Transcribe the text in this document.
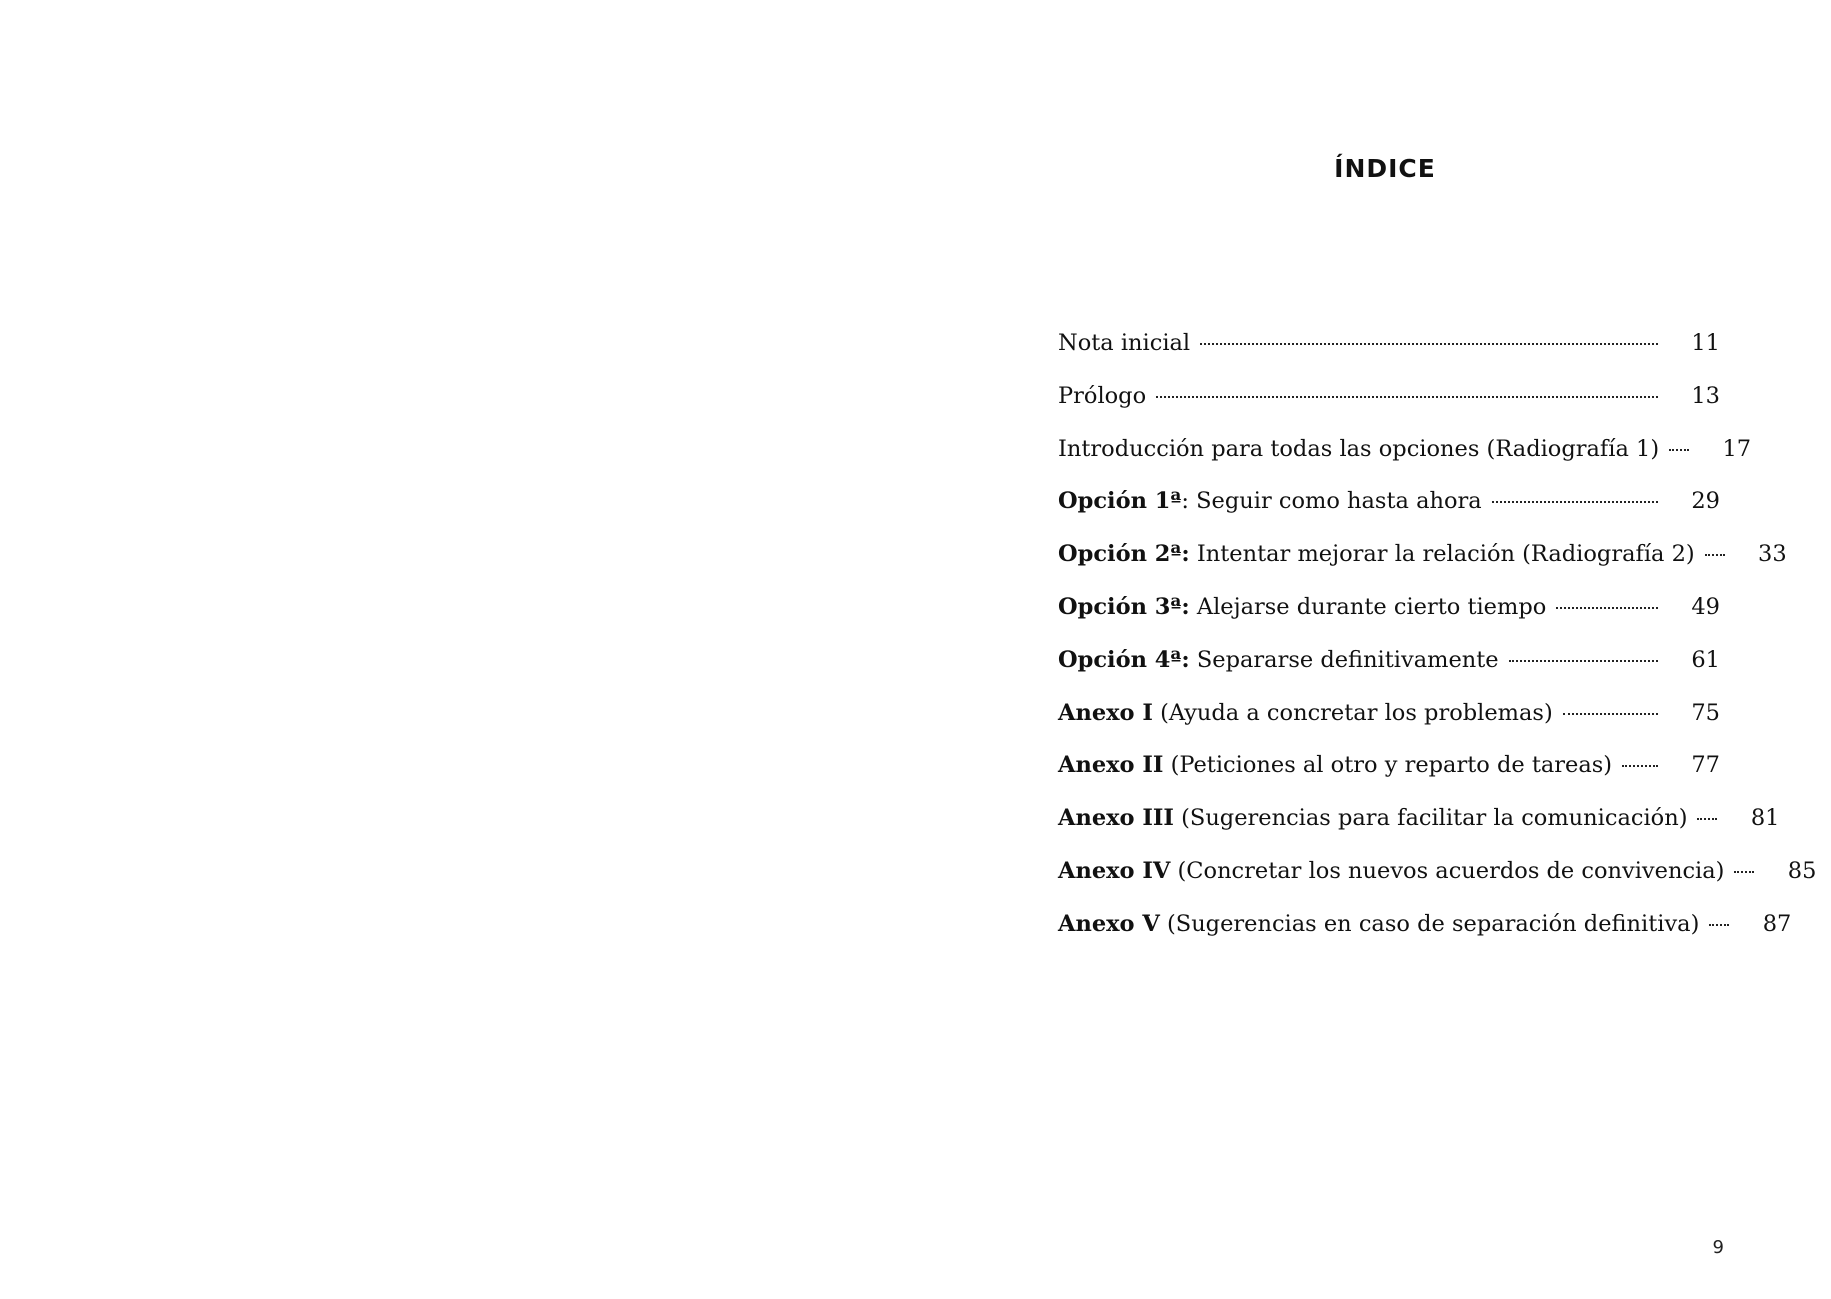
ÍNDICE
Nota inicial	11
Prólogo	13
Introducción para todas las opciones (Radiografía 1)	17
Opción 1ª: Seguir como hasta ahora	29
Opción 2ª: Intentar mejorar la relación (Radiografía 2)	33
Opción 3ª: Alejarse durante cierto tiempo	49
Opción 4ª: Separarse definitivamente	61
Anexo I (Ayuda a concretar los problemas)	75
Anexo II (Peticiones al otro y reparto de tareas)	77
Anexo III (Sugerencias para facilitar la comunicación)	81
Anexo IV (Concretar los nuevos acuerdos de convivencia)	85
Anexo V (Sugerencias en caso de separación definitiva)	87
9
